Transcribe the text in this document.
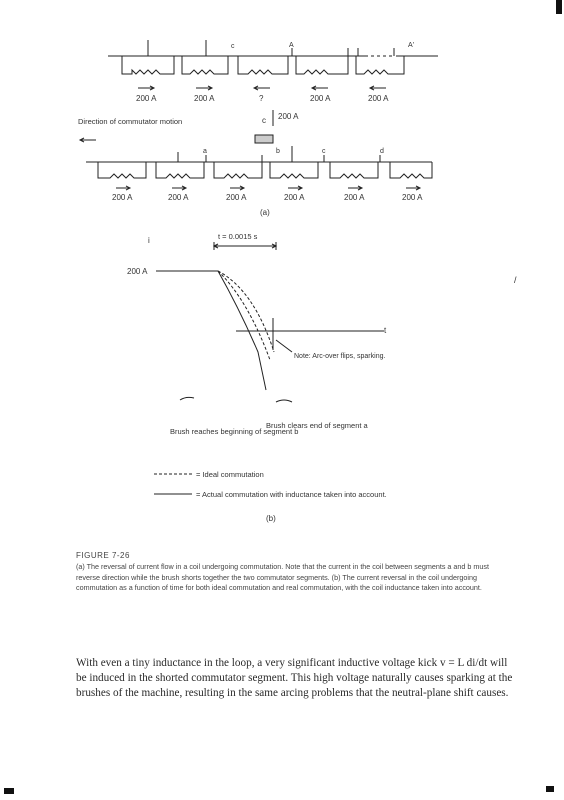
200 A	200 A	?	200 A	200 A
c	A	A'
200 A
c
Direction of commutator motion
a	b	c	d
200 A	200 A	200 A	200 A	200 A	200 A
(a)
i	t = 0.0015 s
200 A
t
Note: Arc-over flips, sparking.
Brush reaches beginning of segment b
Brush clears end of segment a
= Ideal commutation
= Actual commutation with inductance taken into account.
(b)
/
FIGURE 7-26
(a) The reversal of current flow in a coil undergoing commutation. Note that the current in the coil between segments a and b must reverse direction while the brush shorts together the two commutator segments. (b) The current reversal in the coil undergoing commutation as a function of time for both ideal commutation and real commutation, with the coil inductance taken into account.
With even a tiny inductance in the loop, a very significant inductive voltage kick v = L di/dt will be induced in the shorted commutator segment. This high voltage naturally causes sparking at the brushes of the machine, resulting in the same arcing problems that the neutral-plane shift causes.
